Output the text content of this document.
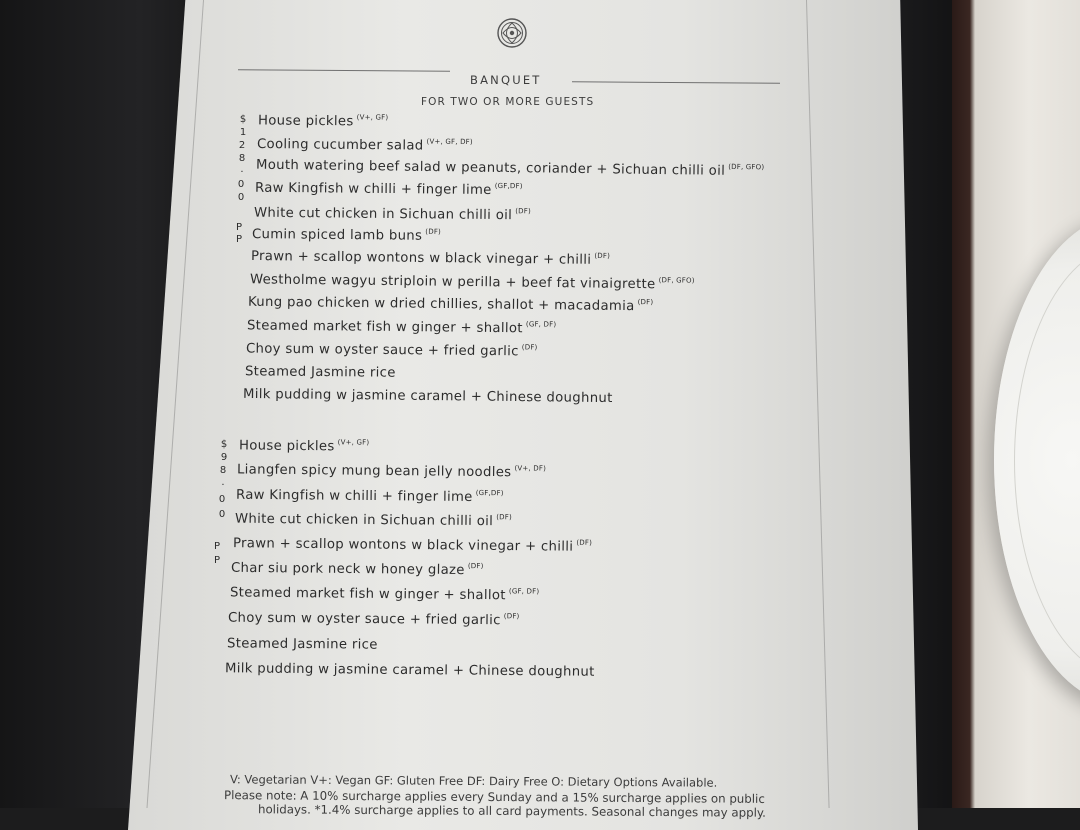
BANQUET
FOR TWO OR MORE GUESTS
$
1
2
8
.
0
0
P
P
House pickles $^{(V+, GF)}$
Cooling cucumber salad $^{(V+, GF, DF)}$
Mouth watering beef salad w peanuts, coriander + Sichuan chilli oil $^{(DF, GFO)}$
Raw Kingfish w chilli + finger lime $^{(GF,DF)}$
White cut chicken in Sichuan chilli oil $^{(DF)}$
Cumin spiced lamb buns $^{(DF)}$
Prawn + scallop wontons w black vinegar + chilli $^{(DF)}$
Westholme wagyu striploin w perilla + beef fat vinaigrette $^{(DF, GFO)}$
Kung pao chicken w dried chillies, shallot + macadamia $^{(DF)}$
Steamed market fish w ginger + shallot $^{(GF, DF)}$
Choy sum w oyster sauce + fried garlic $^{(DF)}$
Steamed Jasmine rice
Milk pudding w jasmine caramel + Chinese doughnut
$
9
8
.
0
0
P
P
House pickles $^{(V+, GF)}$
Liangfen spicy mung bean jelly noodles $^{(V+, DF)}$
Raw Kingfish w chilli + finger lime $^{(GF,DF)}$
White cut chicken in Sichuan chilli oil $^{(DF)}$
Prawn + scallop wontons w black vinegar + chilli $^{(DF)}$
Char siu pork neck w honey glaze $^{(DF)}$
Steamed market fish w ginger + shallot $^{(GF, DF)}$
Choy sum w oyster sauce + fried garlic $^{(DF)}$
Steamed Jasmine rice
Milk pudding w jasmine caramel + Chinese doughnut
V: Vegetarian V+: Vegan GF: Gluten Free DF: Dairy Free O: Dietary Options Available.
Please note: A 10% surcharge applies every Sunday and a 15% surcharge applies on public
holidays. *1.4% surcharge applies to all card payments. Seasonal changes may apply.
